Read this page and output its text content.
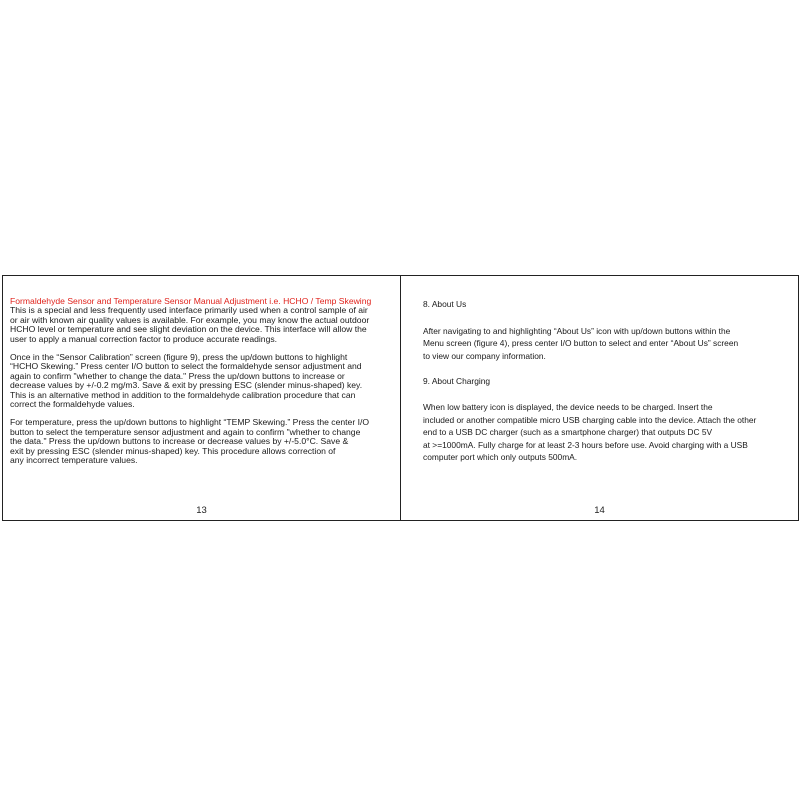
Formaldehyde Sensor and Temperature Sensor Manual Adjustment i.e. HCHO / Temp Skewing

This is a special and less frequently used interface primarily used when a control sample of air

or air with known air quality values is available. For example, you may know the actual outdoor

HCHO level or temperature and see slight deviation on the device. This interface will allow the

user to apply a manual correction factor to produce accurate readings.

Once in the “Sensor Calibration” screen (figure 9), press the up/down buttons to highlight

“HCHO Skewing.” Press center I/O button to select the formaldehyde sensor adjustment and

again to confirm "whether to change the data." Press the up/down buttons to increase or

decrease values by +/-0.2 mg/m3. Save & exit by pressing ESC (slender minus-shaped) key.

This is an alternative method in addition to the formaldehyde calibration procedure that can

correct the formaldehyde values.

For temperature, press the up/down buttons to highlight “TEMP Skewing.” Press the center I/O

button to select the temperature sensor adjustment and again to confirm "whether to change

the data." Press the up/down buttons to increase or decrease values by +/-5.0°C. Save &

exit by pressing ESC (slender minus-shaped) key. This procedure allows correction of

any incorrect temperature values.

13

8. About Us

After navigating to and highlighting “About Us” icon with up/down buttons within the

Menu screen (figure 4), press center I/O button to select and enter “About Us” screen

to view our company information.

9. About Charging

When low battery icon is displayed, the device needs to be charged. Insert the

included or another compatible micro USB charging cable into the device. Attach the other

end to a USB DC charger (such as a smartphone charger) that outputs DC 5V

at >=1000mA. Fully charge for at least 2-3 hours before use. Avoid charging with a USB

computer port which only outputs 500mA.

14
